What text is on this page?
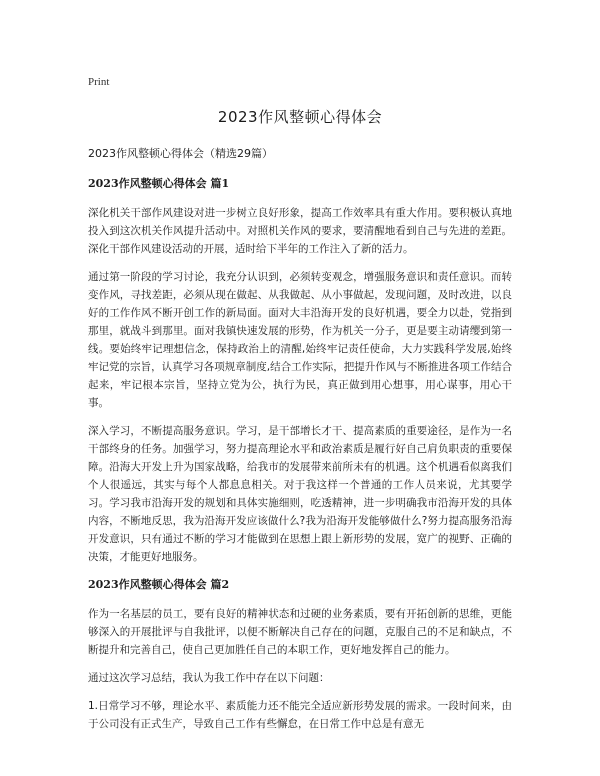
Print
2023作风整顿心得体会
2023作风整顿心得体会（精选29篇）
2023作风整顿心得体会 篇1

深化机关干部作风建设对进一步树立良好形象，提高工作效率具有重大作用。要积极认真地投入到这次机关作风提升活动中。对照机关作风的要求，要清醒地看到自己与先进的差距。深化干部作风建设活动的开展，适时给下半年的工作注入了新的活力。

通过第一阶段的学习讨论，我充分认识到，必须转变观念，增强服务意识和责任意识。而转变作风，寻找差距，必须从现在做起、从我做起、从小事做起，发现问题，及时改进，以良好的工作作风不断开创工作的新局面。面对大丰沿海开发的良好机遇，要全力以赴，党指到那里，就战斗到那里。面对我镇快速发展的形势，作为机关一分子，更是要主动请缨到第一线。要始终牢记理想信念，保持政治上的清醒,始终牢记责任使命，大力实践科学发展,始终牢记党的宗旨，认真学习各项规章制度,结合工作实际，把提升作风与不断推进各项工作结合起来，牢记根本宗旨，坚持立党为公，执行为民，真正做到用心想事，用心谋事，用心干事。

深入学习，不断提高服务意识。学习，是干部增长才干、提高素质的重要途径，是作为一名干部终身的任务。加强学习，努力提高理论水平和政治素质是履行好自己肩负职责的重要保障。沿海大开发上升为国家战略，给我市的发展带来前所未有的机遇。这个机遇看似离我们个人很遥远，其实与每个人都息息相关。对于我这样一个普通的工作人员来说，尤其要学习。学习我市沿海开发的规划和具体实施细则，吃透精神，进一步明确我市沿海开发的具体内容，不断地反思，我为沿海开发应该做什么?我为沿海开发能够做什么?努力提高服务沿海开发意识，只有通过不断的学习才能做到在思想上跟上新形势的发展，宽广的视野、正确的决策，才能更好地服务。

2023作风整顿心得体会 篇2

作为一名基层的员工，要有良好的精神状态和过硬的业务素质，要有开拓创新的思维，更能够深入的开展批评与自我批评，以便不断解决自己存在的问题，克服自己的不足和缺点，不断提升和完善自己，使自己更加胜任自己的本职工作，更好地发挥自己的能力。

通过这次学习总结，我认为我工作中存在以下问题：

1.日常学习不够，理论水平、素质能力还不能完全适应新形势发展的需求。一段时间来，由于公司没有正式生产，导致自己工作有些懈怠，在日常工作中总是有意无
